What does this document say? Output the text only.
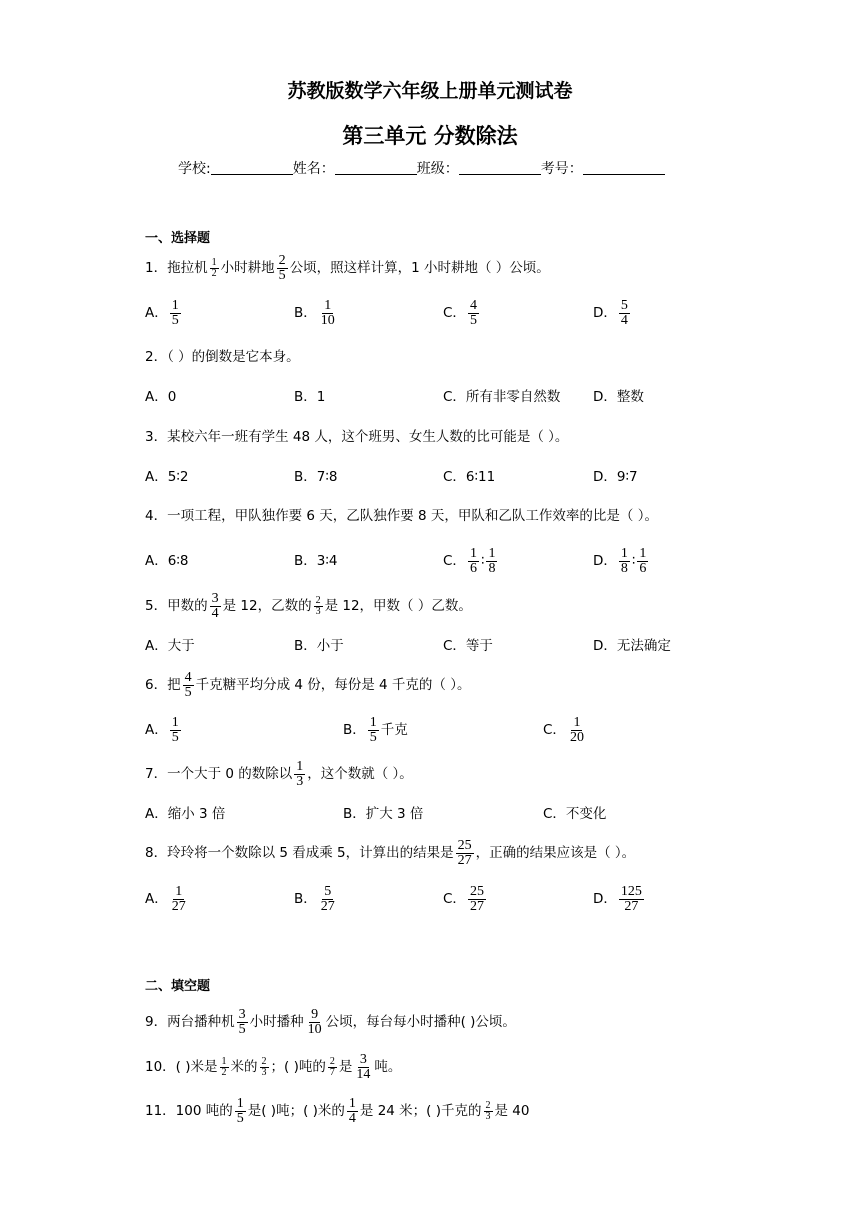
苏教版数学六年级上册单元测试卷
第三单元 分数除法
学校:	姓名：	班级：	考号：
一、选择题
1．拖拉机 $\frac{1}{2}$ 小时耕地 $\frac{2}{5}$ 公顷，照这样计算，1 小时耕地（ ）公顷。
A． $\frac{1}{5}$	B． $\frac{1}{10}$	C． $\frac{4}{5}$	D． $\frac{5}{4}$
2．（ ）的倒数是它本身。
A．0	B．1	C．所有非零自然数 D．整数
3．某校六年一班有学生 48 人，这个班男、女生人数的比可能是（ ）。
A．5∶2	B．7∶8	C．6∶11	D．9∶7
4．一项工程，甲队独作要 6 天，乙队独作要 8 天，甲队和乙队工作效率的比是（ ）。
A．6∶8	B．3∶4	C． $\frac{1}{6}$ ∶ $\frac{1}{8}$	D． $\frac{1}{8}$ ∶ $\frac{1}{6}$
5．甲数的 $\frac{3}{4}$ 是 12，乙数的 $\frac{2}{3}$ 是 12，甲数（ ）乙数。
A．大于	B．小于	C．等于	D．无法确定
6．把 $\frac{4}{5}$ 千克糖平均分成 4 份，每份是 4 千克的（ ）。
A． $\frac{1}{5}$	B． $\frac{1}{5}$ 千克	C． $\frac{1}{20}$
7．一个大于 0 的数除以 $\frac{1}{3}$ ，这个数就（ ）。
A．缩小 3 倍	B．扩大 3 倍	C．不变化
8．玲玲将一个数除以 5 看成乘 5，计算出的结果是 $\frac{25}{27}$ ，正确的结果应该是（ ）。
A． $\frac{1}{27}$	B． $\frac{5}{27}$	C． $\frac{25}{27}$	D． $\frac{125}{27}$
二、填空题
9．两台播种机 $\frac{3}{5}$ 小时播种 $\frac{9}{10}$ 公顷，每台每小时播种( )公顷。
10．( )米是 $\frac{1}{2}$ 米的 $\frac{2}{3}$ ；( )吨的 $\frac{2}{7}$ 是 $\frac{3}{14}$ 吨。
11．100 吨的 $\frac{1}{5}$ 是( )吨；( )米的 $\frac{1}{4}$ 是 24 米；( )千克的 $\frac{2}{3}$ 是 40
